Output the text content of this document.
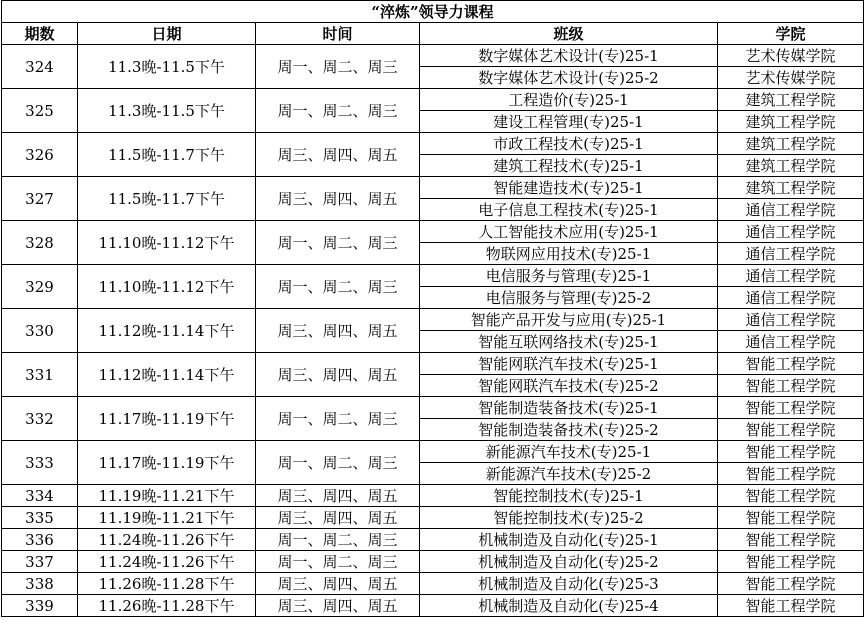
“淬炼”领导力课程				
期数	日期	时间	班级	学院
324	11.3晚-11.5下午	周一、周二、周三	数字媒体艺术设计(专)25-1	艺术传媒学院
			数字媒体艺术设计(专)25-2	艺术传媒学院
325	11.3晚-11.5下午	周一、周二、周三	工程造价(专)25-1	建筑工程学院
			建设工程管理(专)25-1	建筑工程学院
326	11.5晚-11.7下午	周三、周四、周五	市政工程技术(专)25-1	建筑工程学院
			建筑工程技术(专)25-1	建筑工程学院
327	11.5晚-11.7下午	周三、周四、周五	智能建造技术(专)25-1	建筑工程学院
			电子信息工程技术(专)25-1	通信工程学院
328	11.10晚-11.12下午	周一、周二、周三	人工智能技术应用(专)25-1	通信工程学院
			物联网应用技术(专)25-1	通信工程学院
329	11.10晚-11.12下午	周一、周二、周三	电信服务与管理(专)25-1	通信工程学院
			电信服务与管理(专)25-2	通信工程学院
330	11.12晚-11.14下午	周三、周四、周五	智能产品开发与应用(专)25-1	通信工程学院
			智能互联网络技术(专)25-1	通信工程学院
331	11.12晚-11.14下午	周三、周四、周五	智能网联汽车技术(专)25-1	智能工程学院
			智能网联汽车技术(专)25-2	智能工程学院
332	11.17晚-11.19下午	周一、周二、周三	智能制造装备技术(专)25-1	智能工程学院
			智能制造装备技术(专)25-2	智能工程学院
333	11.17晚-11.19下午	周一、周二、周三	新能源汽车技术(专)25-1	智能工程学院
			新能源汽车技术(专)25-2	智能工程学院
334	11.19晚-11.21下午	周三、周四、周五	智能控制技术(专)25-1	智能工程学院
335	11.19晚-11.21下午	周三、周四、周五	智能控制技术(专)25-2	智能工程学院
336	11.24晚-11.26下午	周一、周二、周三	机械制造及自动化(专)25-1	智能工程学院
337	11.24晚-11.26下午	周一、周二、周三	机械制造及自动化(专)25-2	智能工程学院
338	11.26晚-11.28下午	周三、周四、周五	机械制造及自动化(专)25-3	智能工程学院
339	11.26晚-11.28下午	周三、周四、周五	机械制造及自动化(专)25-4	智能工程学院
